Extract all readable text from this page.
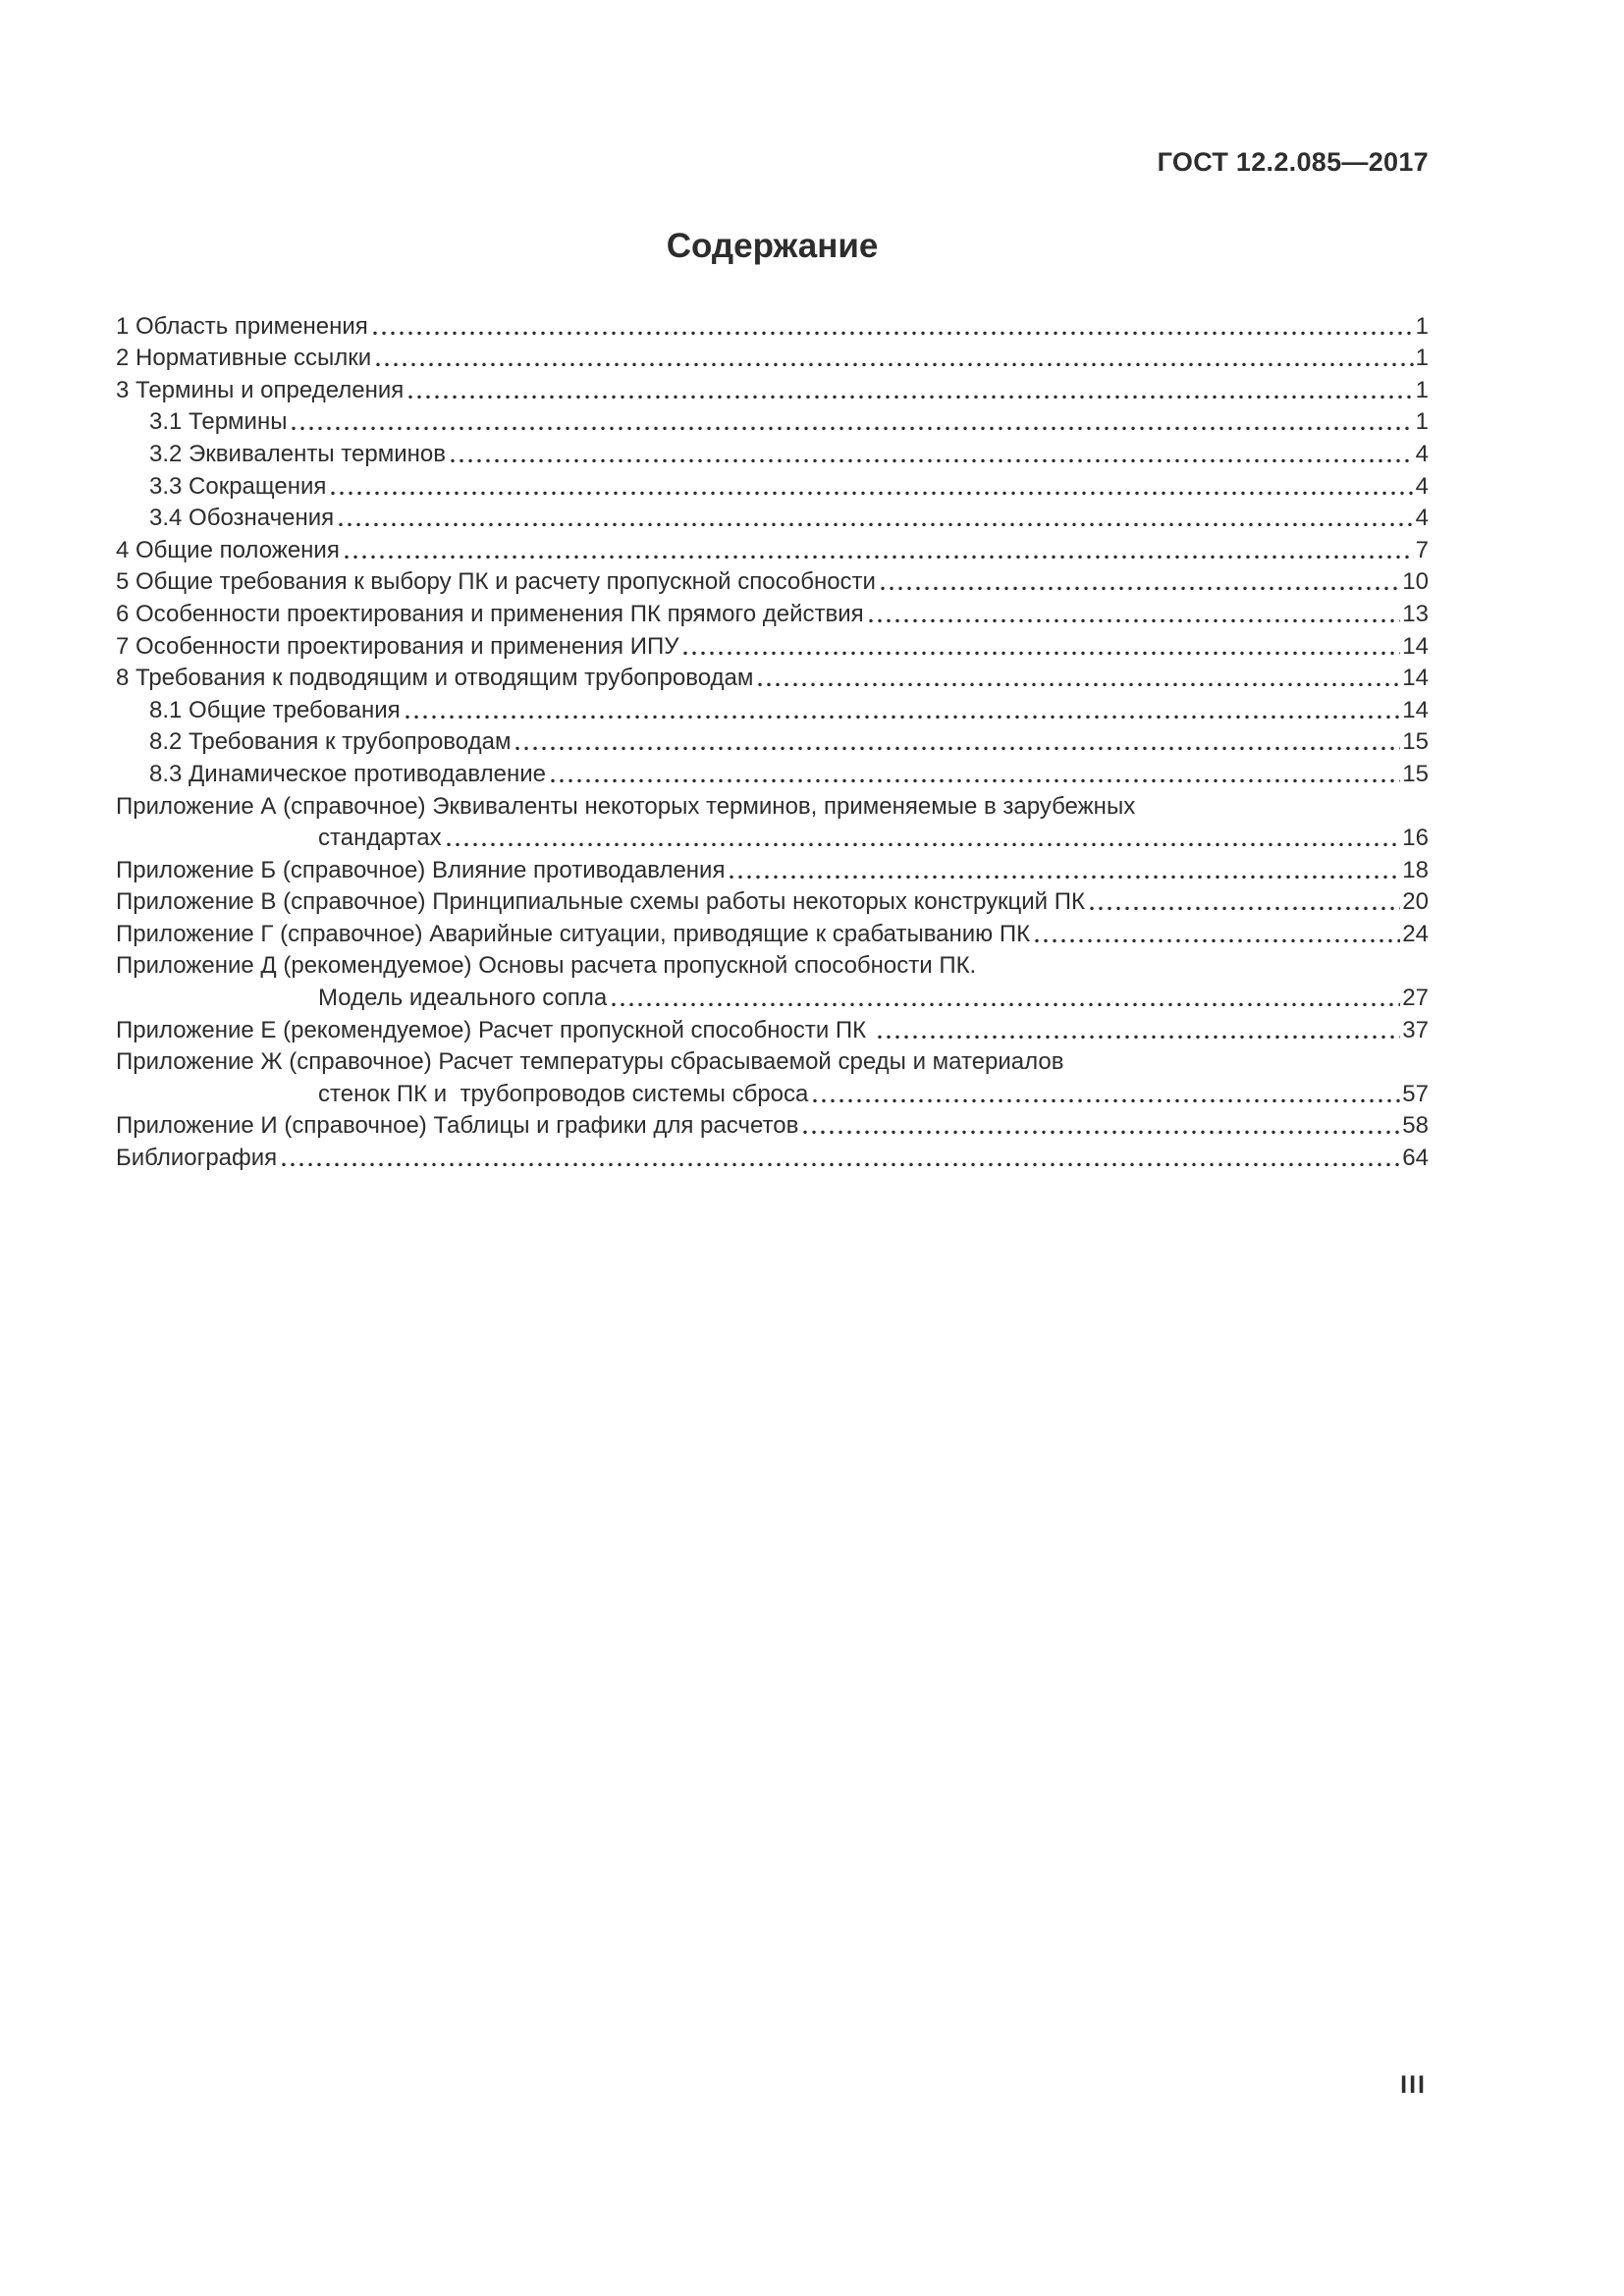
ГОСТ 12.2.085—2017
Содержание
1 Область применения	1
2 Нормативные ссылки	1
3 Термины и определения	1
3.1 Термины	1
3.2 Эквиваленты терминов	4
3.3 Сокращения	4
3.4 Обозначения	4
4 Общие положения	7
5 Общие требования к выбору ПК и расчету пропускной способности	10
6 Особенности проектирования и применения ПК прямого действия	13
7 Особенности проектирования и применения ИПУ	14
8 Требования к подводящим и отводящим трубопроводам	14
8.1 Общие требования	14
8.2 Требования к трубопроводам	15
8.3 Динамическое противодавление	15
Приложение А (справочное) Эквиваленты некоторых терминов, применяемые в зарубежных
стандартах	16
Приложение Б (справочное) Влияние противодавления	18
Приложение В (справочное) Принципиальные схемы работы некоторых конструкций ПК	20
Приложение Г (справочное) Аварийные ситуации, приводящие к срабатыванию ПК	24
Приложение Д (рекомендуемое) Основы расчета пропускной способности ПК.
Модель идеального сопла	27
Приложение Е (рекомендуемое) Расчет пропускной способности ПК	37
Приложение Ж (справочное) Расчет температуры сбрасываемой среды и материалов
стенок ПК и  трубопроводов системы сброса	57
Приложение И (справочное) Таблицы и графики для расчетов	58
Библиография	64
III
